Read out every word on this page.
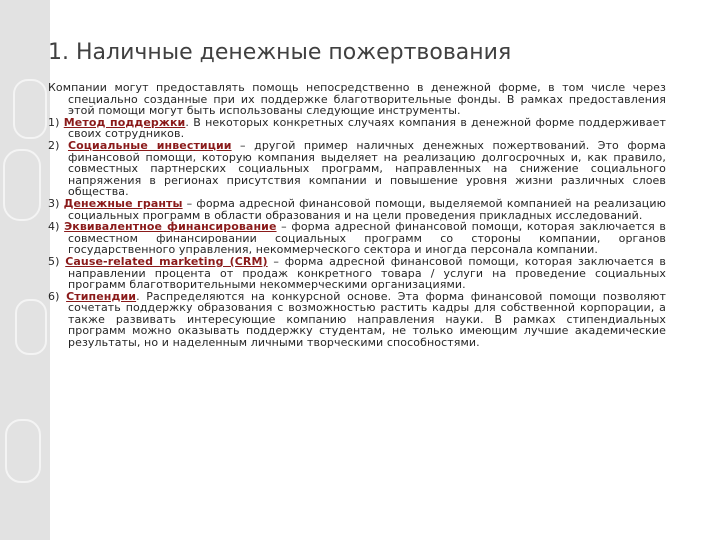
1. Наличные денежные пожертвования

Компании могут предоставлять помощь непосредственно в денежной форме, в том числе через специально созданные при их поддержке благотворительные фонды. В рамках предоставления этой помощи могут быть использованы следующие инструменты.

1) Метод поддержки. В некоторых конкретных случаях компания в денежной форме поддерживает своих сотрудников.
2) Социальные инвестиции – другой пример наличных денежных пожертвований. Это форма финансовой помощи, которую компания выделяет на реализацию долгосрочных и, как правило, совместных партнерских социальных программ, направленных на снижение социального напряжения в регионах присутствия компании и повышение уровня жизни различных слоев общества.
3) Денежные гранты – форма адресной финансовой помощи, выделяемой компанией на реализацию социальных программ в области образования и на цели проведения прикладных исследований.
4) Эквивалентное финансирование – форма адресной финансовой помощи, которая заключается в совместном финансировании социальных программ со стороны компании, органов государственного управления, некоммерческого сектора и иногда персонала компании.
5) Cause-related marketing (CRM) – форма адресной финансовой помощи, которая заключается в направлении процента от продаж конкретного товара / услуги на проведение социальных программ благотворительными некоммерческими организациями.
6) Стипендии. Распределяются на конкурсной основе. Эта форма финансовой помощи позволяют сочетать поддержку образования с возможностью растить кадры для собственной корпорации, а также развивать интересующие компанию направления науки. В рамках стипендиальных программ можно оказывать поддержку студентам, не только имеющим лучшие академические результаты, но и наделенным личными творческими способностями.
